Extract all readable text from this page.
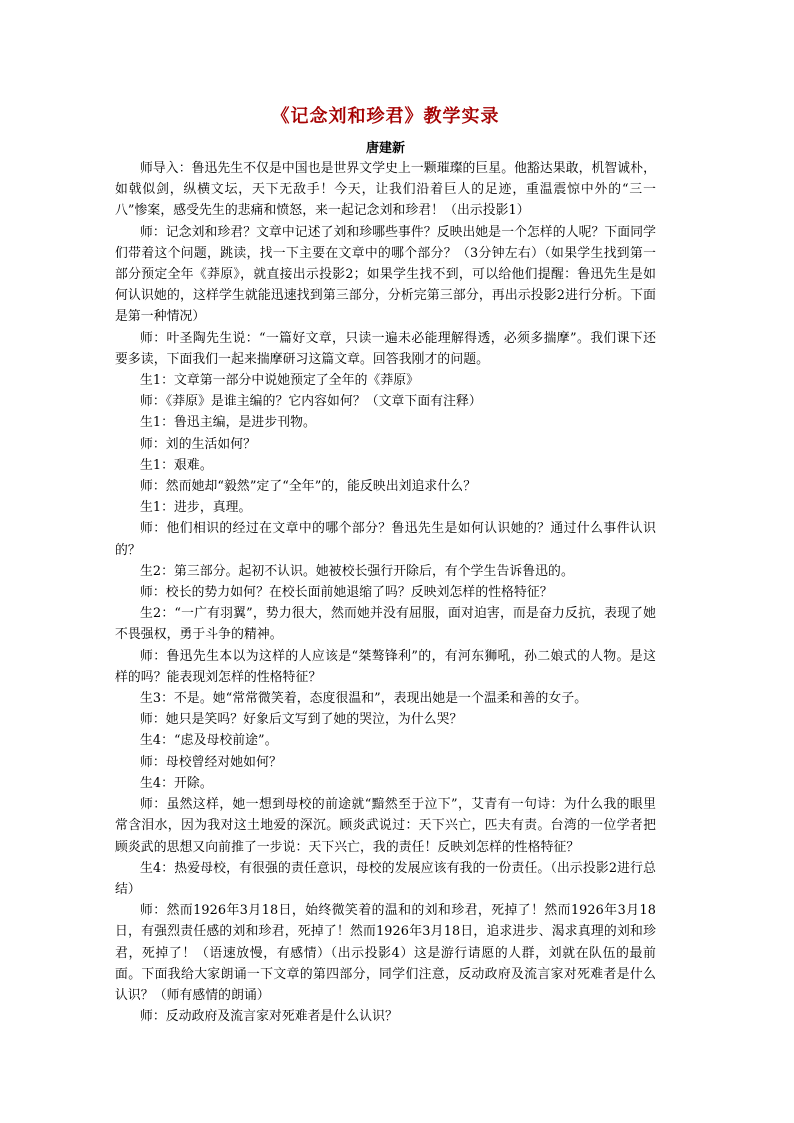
《记念刘和珍君》教学实录
唐建新

师导入：鲁迅先生不仅是中国也是世界文学史上一颗璀璨的巨星。他豁达果敢，机智诚朴，如戟似剑，纵横文坛，天下无敌手！今天，让我们沿着巨人的足迹，重温震惊中外的“三一八”惨案，感受先生的悲痛和愤怒，来一起记念刘和珍君！（出示投影1）

师：记念刘和珍君？文章中记述了刘和珍哪些事件？反映出她是一个怎样的人呢？下面同学们带着这个问题，跳读，找一下主要在文章中的哪个部分？（3分钟左右）（如果学生找到第一部分预定全年《莽原》，就直接出示投影2；如果学生找不到，可以给他们提醒：鲁迅先生是如何认识她的，这样学生就能迅速找到第三部分，分析完第三部分，再出示投影2进行分析。下面是第一种情况）

师：叶圣陶先生说：“一篇好文章，只读一遍未必能理解得透，必须多揣摩”。我们课下还要多读，下面我们一起来揣摩研习这篇文章。回答我刚才的问题。

生1：文章第一部分中说她预定了全年的《莽原》

师：《莽原》是谁主编的？它内容如何？（文章下面有注释）

生1：鲁迅主编，是进步刊物。

师：刘的生活如何？

生1：艰难。

师：然而她却“毅然”定了“全年”的，能反映出刘追求什么？

生1：进步，真理。

师：他们相识的经过在文章中的哪个部分？鲁迅先生是如何认识她的？通过什么事件认识的？

生2：第三部分。起初不认识。她被校长强行开除后，有个学生告诉鲁迅的。

师：校长的势力如何？在校长面前她退缩了吗？反映刘怎样的性格特征？

生2：“一广有羽翼”，势力很大，然而她并没有屈服，面对迫害，而是奋力反抗，表现了她不畏强权，勇于斗争的精神。

师：鲁迅先生本以为这样的人应该是“桀骜锋利”的，有河东狮吼，孙二娘式的人物。是这样的吗？能表现刘怎样的性格特征？

生3：不是。她“常常微笑着，态度很温和”，表现出她是一个温柔和善的女子。

师：她只是笑吗？好象后文写到了她的哭泣，为什么哭？

生4：“虑及母校前途”。

师：母校曾经对她如何？

生4：开除。

师：虽然这样，她一想到母校的前途就“黯然至于泣下”，艾青有一句诗：为什么我的眼里常含泪水，因为我对这土地爱的深沉。顾炎武说过：天下兴亡，匹夫有责。台湾的一位学者把顾炎武的思想又向前推了一步说：天下兴亡，我的责任！反映刘怎样的性格特征？

生4：热爱母校，有很强的责任意识，母校的发展应该有我的一份责任。（出示投影2进行总结）

师：然而1926年3月18日，始终微笑着的温和的刘和珍君，死掉了！然而1926年3月18日，有强烈责任感的刘和珍君，死掉了！然而1926年3月18日，追求进步、渴求真理的刘和珍君，死掉了！（语速放慢，有感情）（出示投影4）这是游行请愿的人群，刘就在队伍的最前面。下面我给大家朗诵一下文章的第四部分，同学们注意，反动政府及流言家对死难者是什么认识？（师有感情的朗诵）

师：反动政府及流言家对死难者是什么认识？
